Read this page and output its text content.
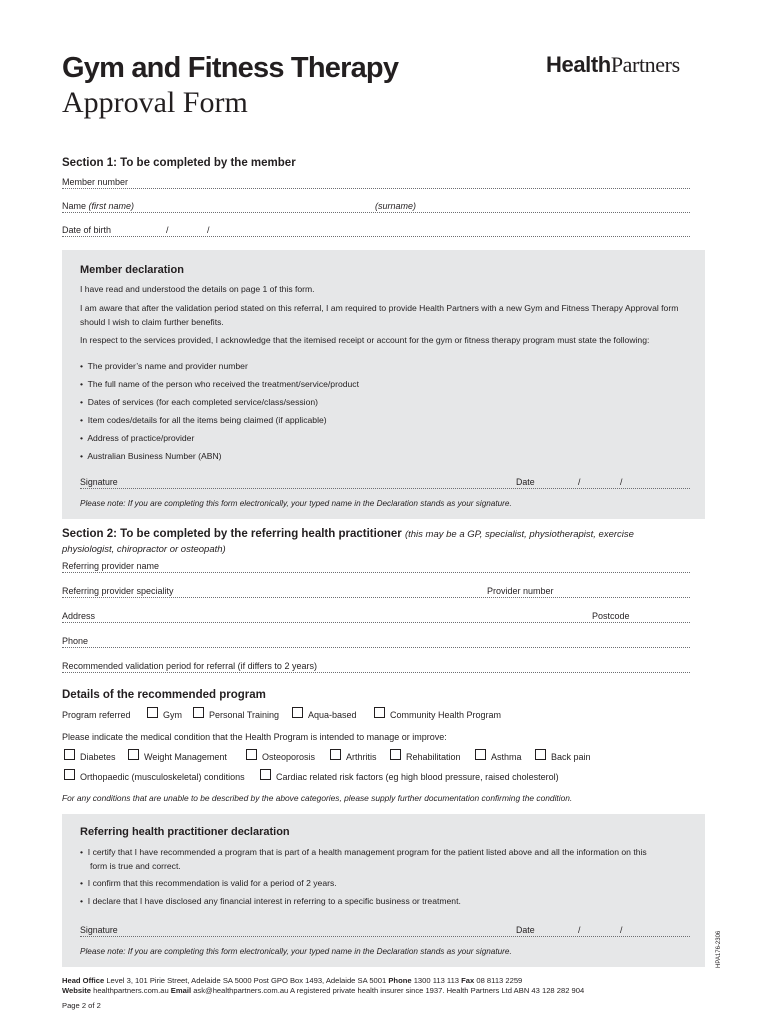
Gym and Fitness Therapy
Approval Form
HealthPartners
Section 1: To be completed by the member
Member number
Name (first name)	(surname)
Date of birth	/	/
Member declaration
I have read and understood the details on page 1 of this form.
I am aware that after the validation period stated on this referral, I am required to provide Health Partners with a new Gym and Fitness Therapy Approval form should I wish to claim further benefits.
In respect to the services provided, I acknowledge that the itemised receipt or account for the gym or fitness therapy program must state the following:
•  The provider’s name and provider number
•  The full name of the person who received the treatment/service/product
•  Dates of services (for each completed service/class/session)
•  Item codes/details for all the items being claimed (if applicable)
•  Address of practice/provider
•  Australian Business Number (ABN)
Signature	Date	/	/
Please note: If you are completing this form electronically, your typed name in the Declaration stands as your signature.
Section 2: To be completed by the referring health practitioner (this may be a GP, specialist, physiotherapist, exercise
physiologist, chiropractor or osteopath)
Referring provider name
Referring provider speciality	Provider number
Address	Postcode
Phone
Recommended validation period for referral (if differs to 2 years)
Details of the recommended program
Program referred	Gym	Personal Training	Aqua-based	Community Health Program
Please indicate the medical condition that the Health Program is intended to manage or improve:
Diabetes	Weight Management	Osteoporosis	Arthritis	Rehabilitation	Asthma	Back pain
Orthopaedic (musculoskeletal) conditions	Cardiac related risk factors (eg high blood pressure, raised cholesterol)
For any conditions that are unable to be described by the above categories, please supply further documentation confirming the condition.
Referring health practitioner declaration
•  I certify that I have recommended a program that is part of a health management program for the patient listed above and all the information on this form is true and correct.
•  I confirm that this recommendation is valid for a period of 2 years.
•  I declare that I have disclosed any financial interest in referring to a specific business or treatment.
Signature	Date	/	/
Please note: If you are completing this form electronically, your typed name in the Declaration stands as your signature.
Head Office Level 3, 101 Pirie Street, Adelaide SA 5000 Post GPO Box 1493, Adelaide SA 5001 Phone 1300 113 113 Fax 08 8113 2259
Website healthpartners.com.au Email ask@healthpartners.com.au A registered private health insurer since 1937. Health Partners Ltd ABN 43 128 282 904
Page 2 of 2
HPA176-2306
